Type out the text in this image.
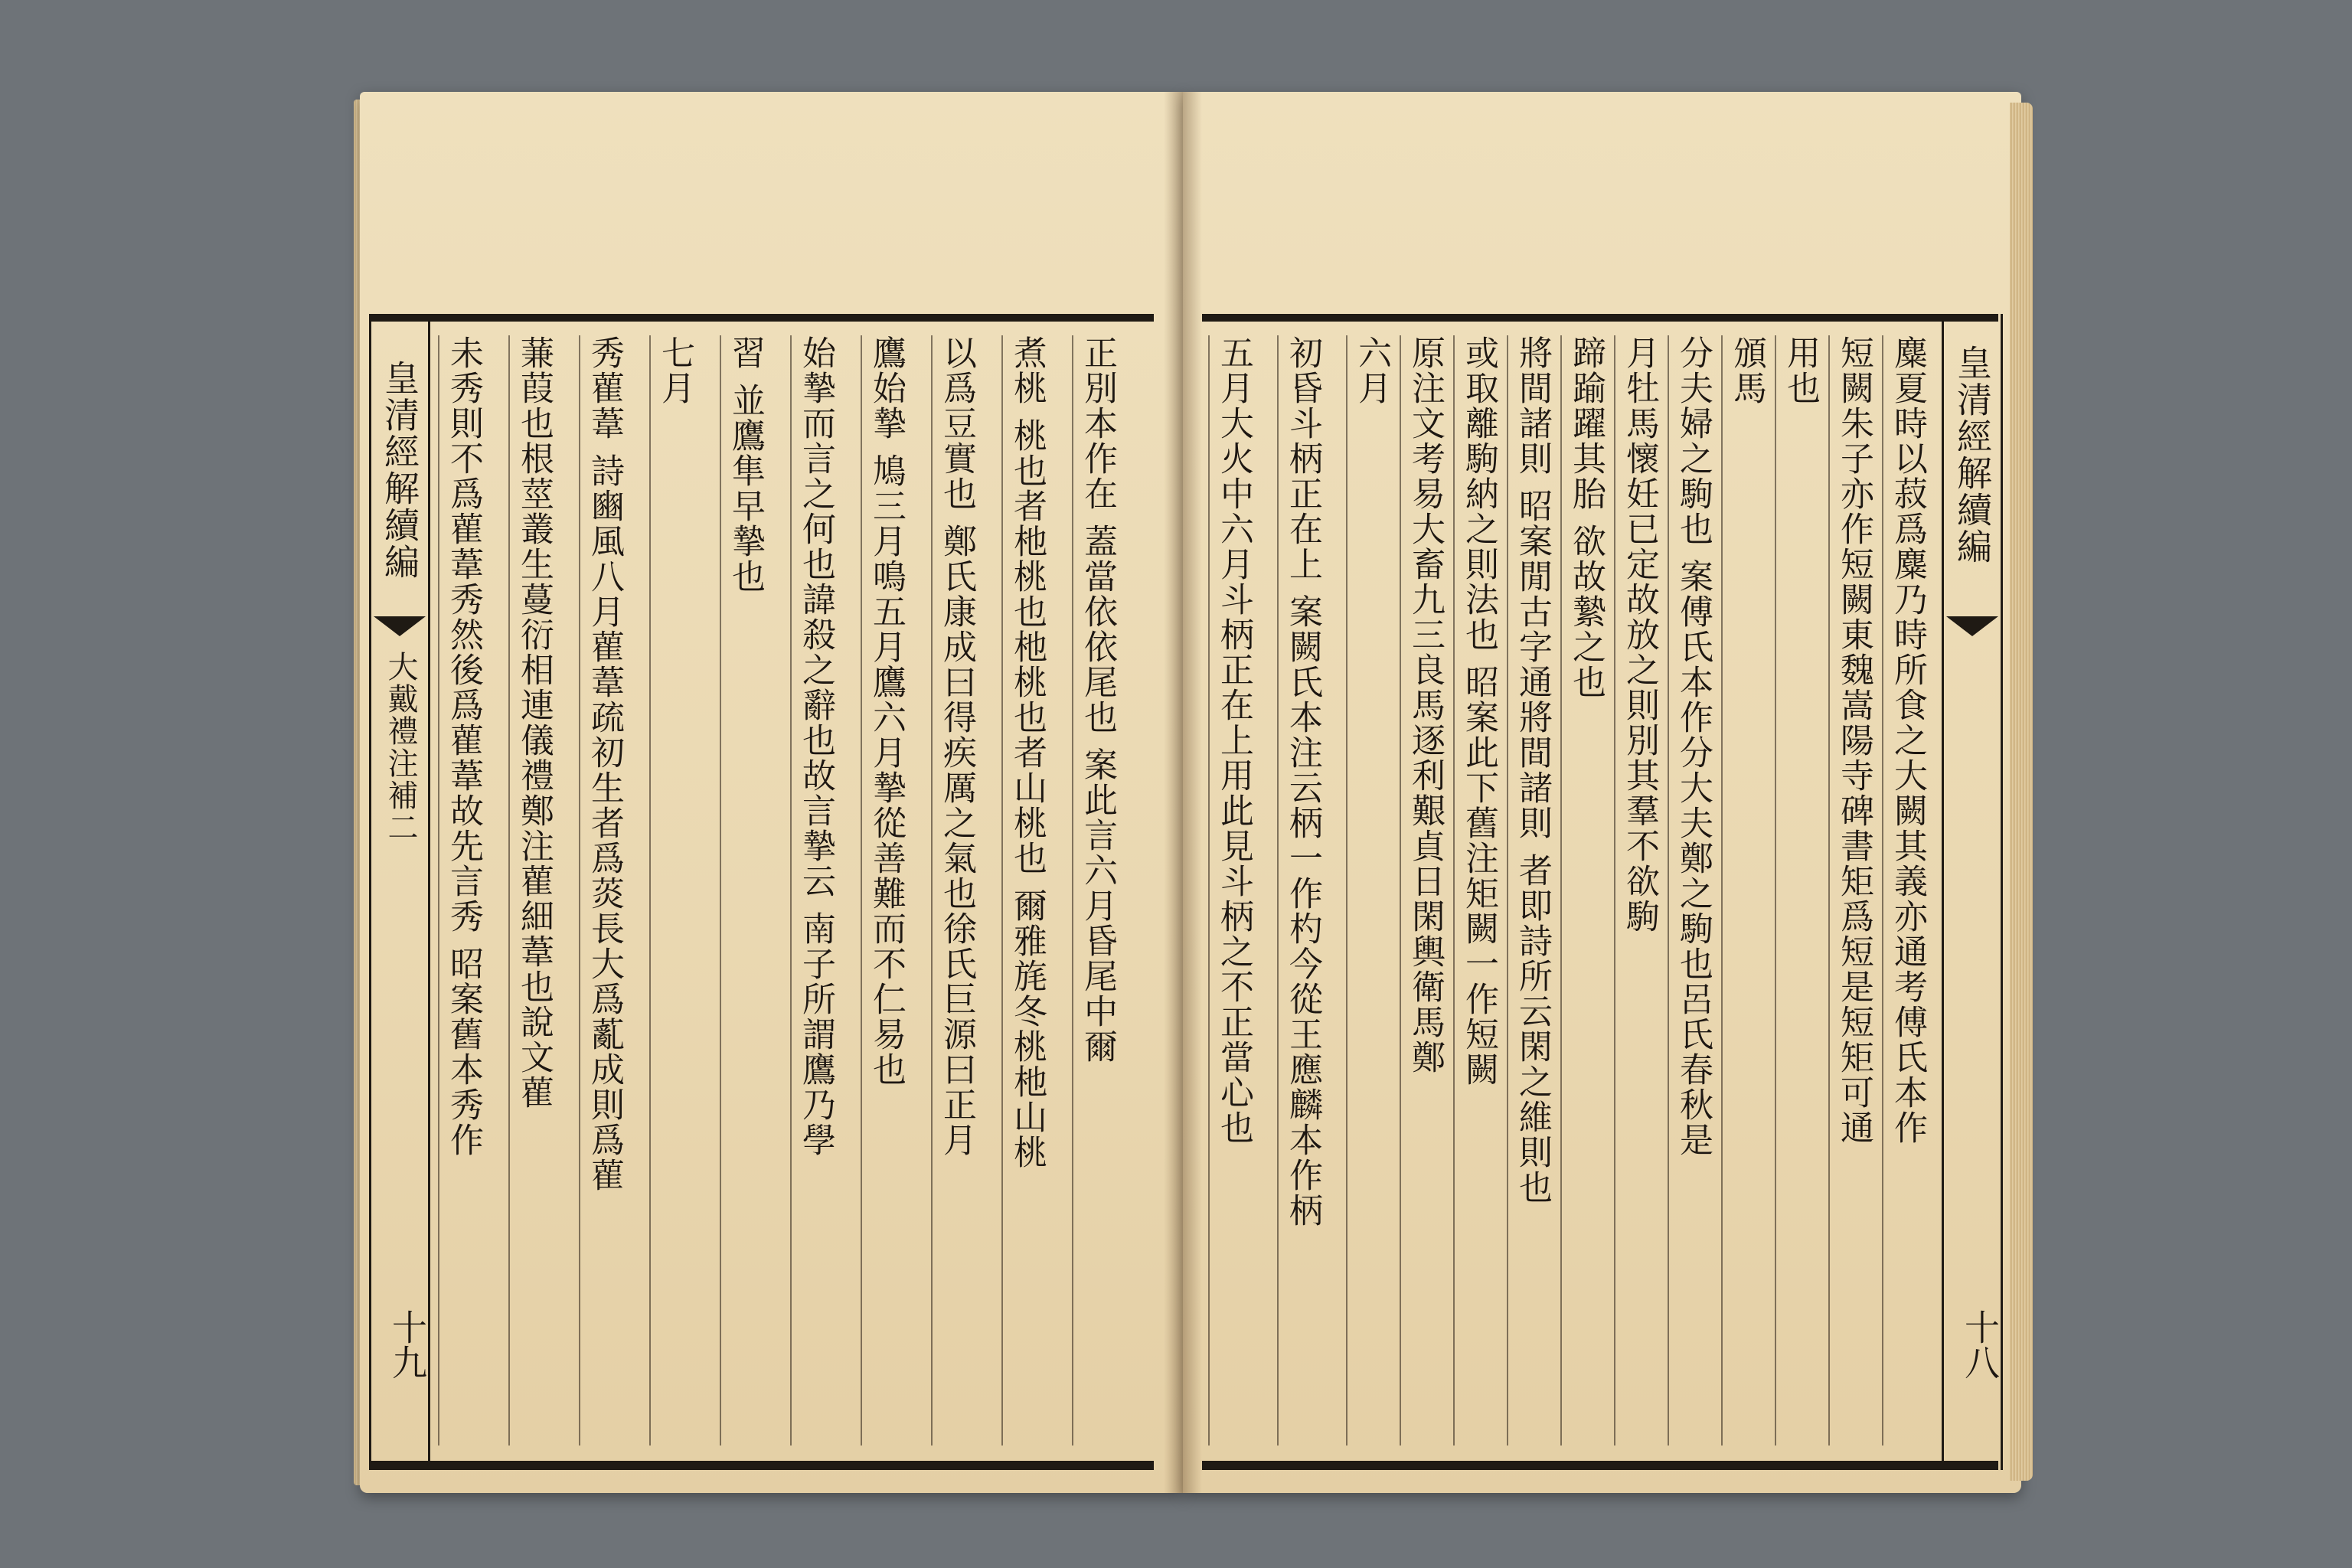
皇清經解續編
大戴禮注補二
十九
正別本作在 蓋當依依尾也 案此言六月昏尾中爾
煮桃 桃也者杝桃也杝桃也者山桃也 爾雅旄冬桃杝山桃
以爲豆實也 鄭氏康成曰得疾厲之氣也徐氏巨源曰正月
鷹始摯 鳩三月鳴五月鷹六月摯從善難而不仁易也
始摯而言之何也諱殺之辭也故言摯云 南子所謂鷹乃學
習 並鷹隼早摯也
七月
秀雚葦 詩豳風八月雚葦疏初生者爲菼長大爲薍成則爲雚
蒹葭也根莖叢生蔓衍相連儀禮鄭注雚細葦也說文雚
未秀則不爲雚葦秀然後爲雚葦故先言秀 昭案舊本秀作	皇清經解續編
十八
麋夏時以菽爲麋乃時所食之大闕其義亦通考傅氏本作
短闕朱子亦作短闕東魏嵩陽寺碑書矩爲短是短矩可通
用也
頒馬
分夫婦之駒也 案傅氏本作分大夫鄭之駒也呂氏春秋是
月牡馬懷妊已定故放之則別其羣不欲駒
蹄踰躍其胎 欲故縶之也
將間諸則 昭案閒古字通將間諸則 者即詩所云閑之維則也
或取離駒納之則法也 昭案此下舊注矩闕一作短闕
原注文考易大畜九三良馬逐利艱貞日閑輿衛馬鄭
六月
初昏斗柄正在上 案闕氏本注云柄一作杓今從王應麟本作柄
五月大火中六月斗柄正在上用此見斗柄之不正當心也
